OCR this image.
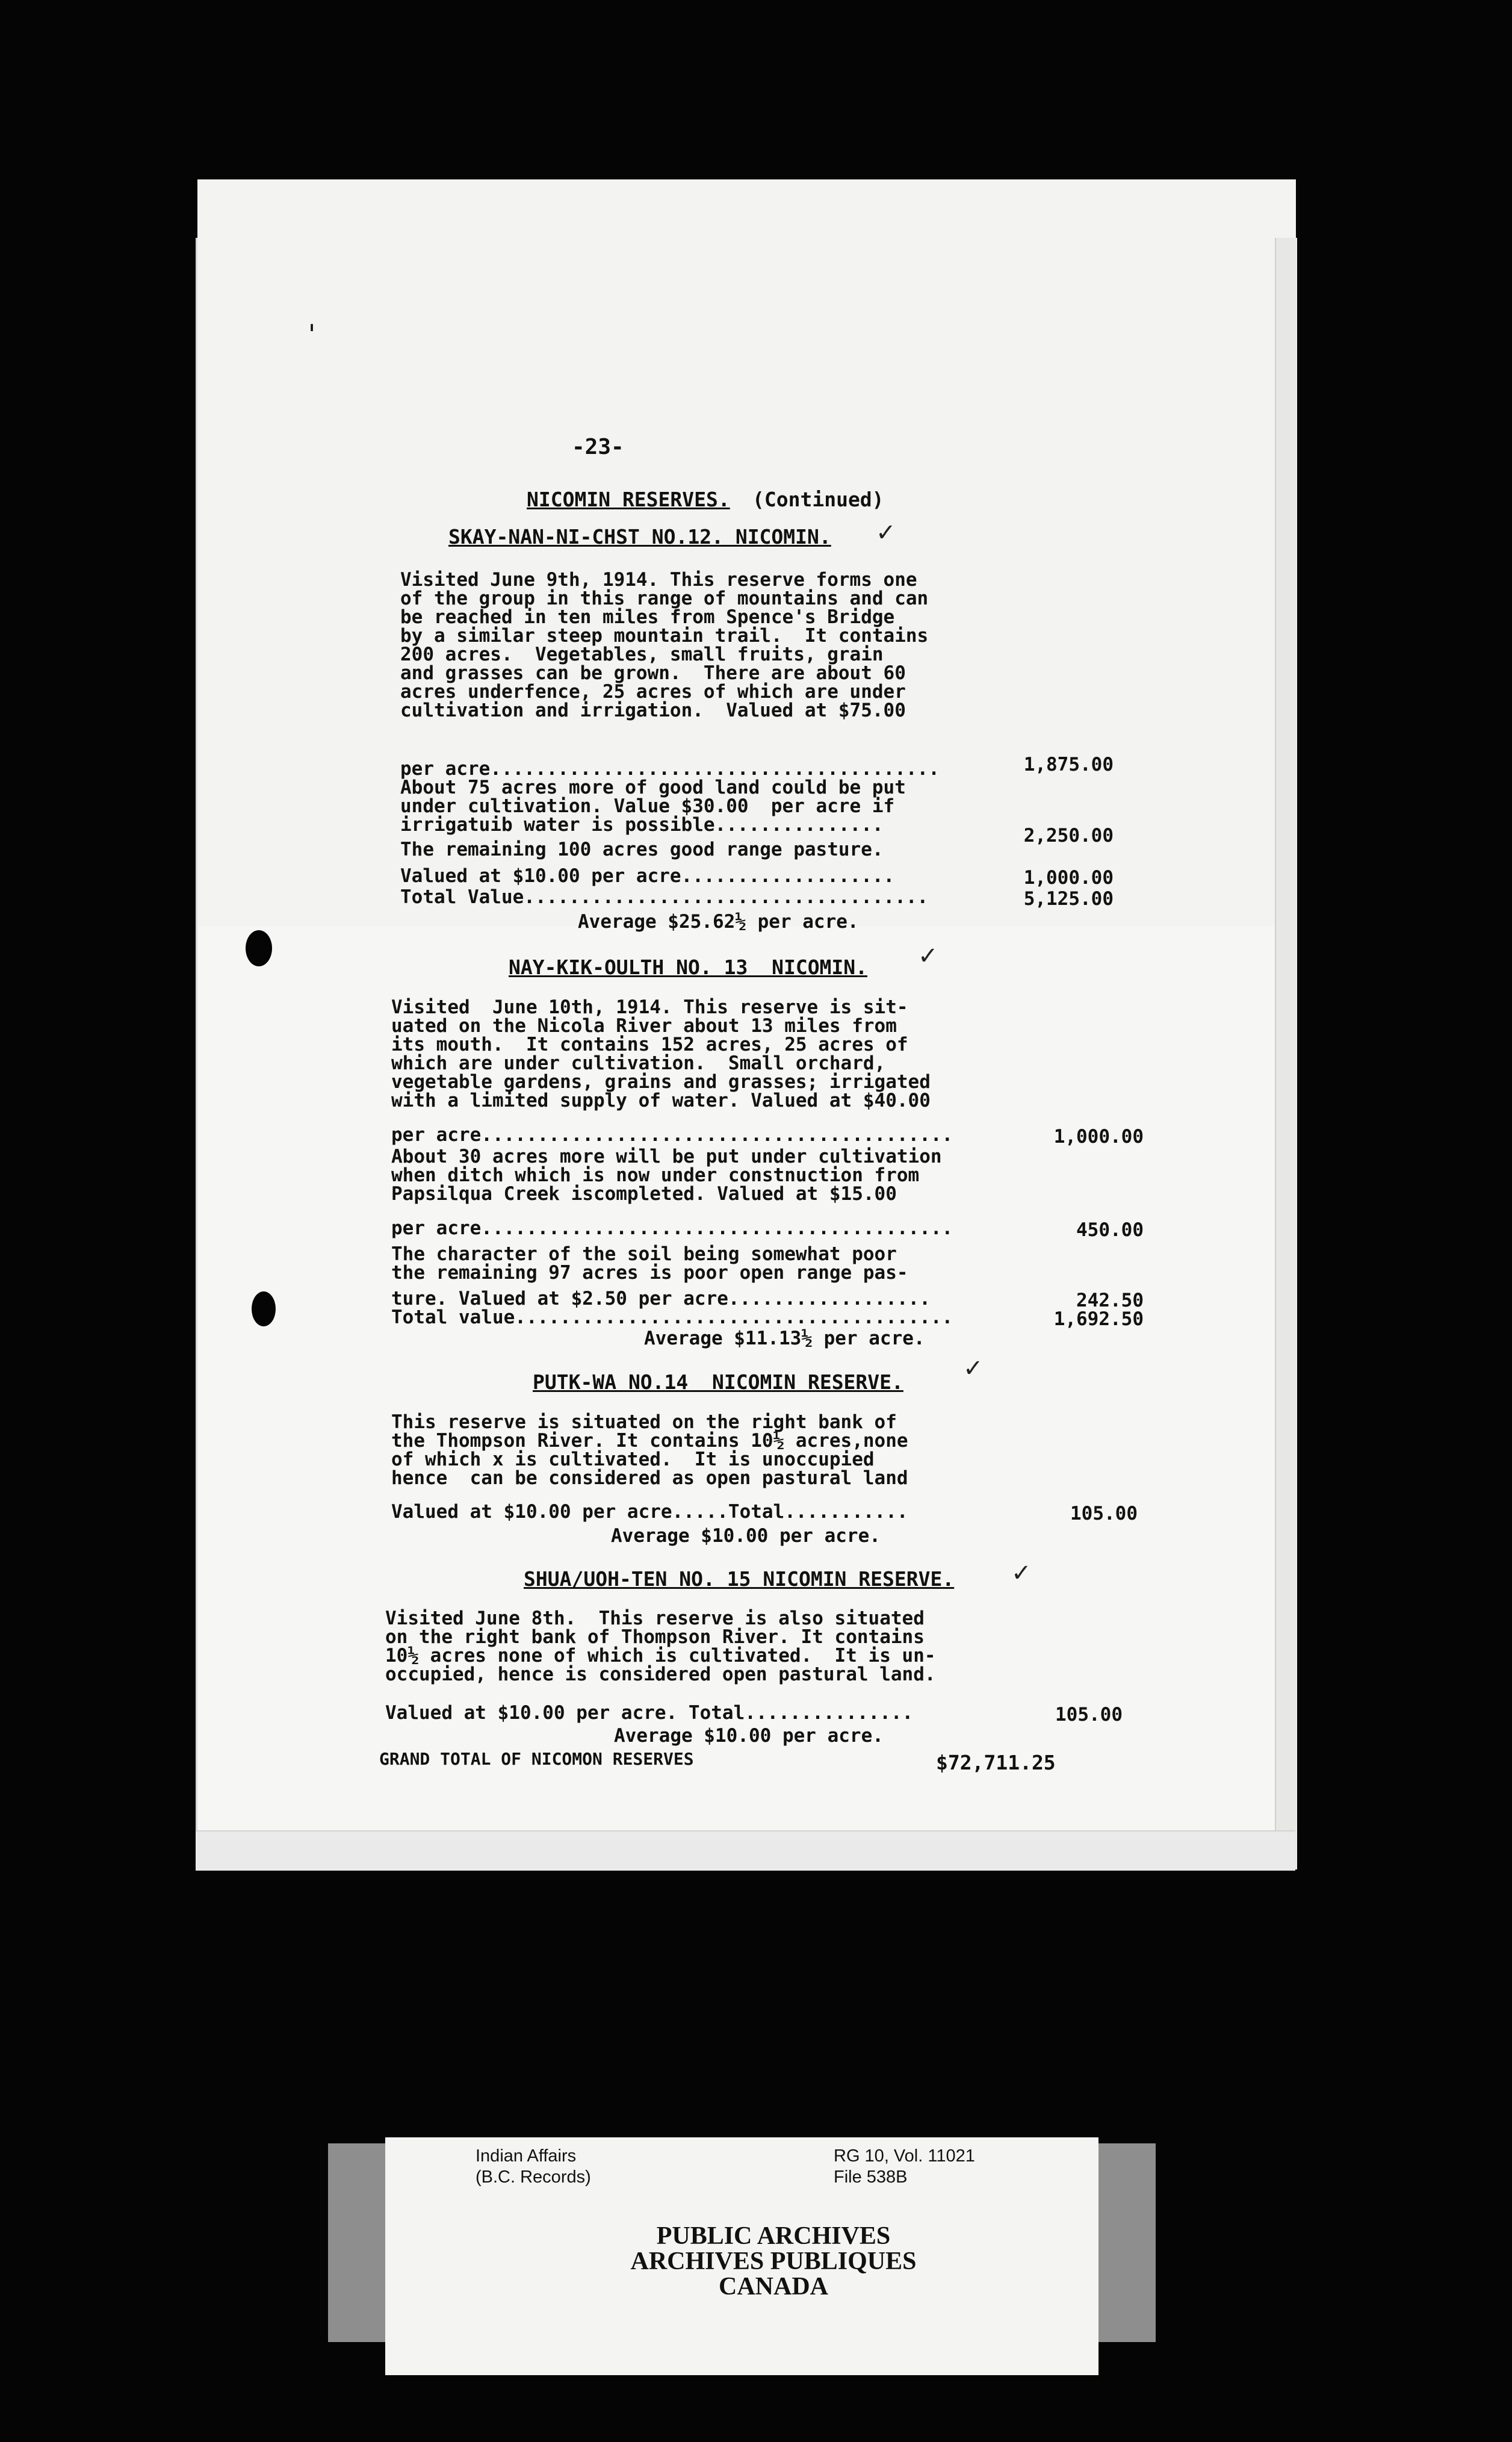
'
-23-
NICOMIN RESERVES. (Continued)
SKAY-NAN-NI-CHST NO.12. NICOMIN. ✓
Visited June 9th, 1914. This reserve forms one
of the group in this range of mountains and can
be reached in ten miles from Spence's Bridge
by a similar steep mountain trail.  It contains
200 acres.  Vegetables, small fruits, grain
and grasses can be grown.  There are about 60
acres underfence, 25 acres of which are under
cultivation and irrigation.  Valued at $75.00
per acre........................................	1,875.00
About 75 acres more of good land could be put
under cultivation. Value $30.00  per acre if
irrigatuib water is possible...............	2,250.00
The remaining 100 acres good range pasture.
Valued at $10.00 per acre...................	1,000.00
Total Value....................................	5,125.00
Average $25.62½ per acre.
NAY-KIK-OULTH NO. 13  NICOMIN. ✓
Visited  June 10th, 1914. This reserve is sit-
uated on the Nicola River about 13 miles from
its mouth.  It contains 152 acres, 25 acres of
which are under cultivation.  Small orchard,
vegetable gardens, grains and grasses; irrigated
with a limited supply of water. Valued at $40.00
per acre..........................................	1,000.00
About 30 acres more will be put under cultivation
when ditch which is now under constnuction from
Papsilqua Creek iscompleted. Valued at $15.00
per acre..........................................	450.00
The character of the soil being somewhat poor
the remaining 97 acres is poor open range pas-
ture. Valued at $2.50 per acre..................	242.50
Total value.......................................	1,692.50
Average $11.13½ per acre.
PUTK-WA NO.14  NICOMIN RESERVE. ✓
This reserve is situated on the right bank of
the Thompson River. It contains 10½ acres,none
of which x is cultivated.  It is unoccupied
hence  can be considered as open pastural land
Valued at $10.00 per acre.....Total...........	105.00
Average $10.00 per acre.
SHUA/UOH-TEN NO. 15 NICOMIN RESERVE. ✓
Visited June 8th.  This reserve is also situated
on the right bank of Thompson River. It contains
10½ acres none of which is cultivated.  It is un-
occupied, hence is considered open pastural land.
Valued at $10.00 per acre. Total...............	105.00
Average $10.00 per acre.
GRAND TOTAL OF NICOMON RESERVES	$72,711.25
Indian Affairs
(B.C. Records)
RG 10, Vol. 11021
File 538B
PUBLIC ARCHIVES
ARCHIVES PUBLIQUES
CANADA
